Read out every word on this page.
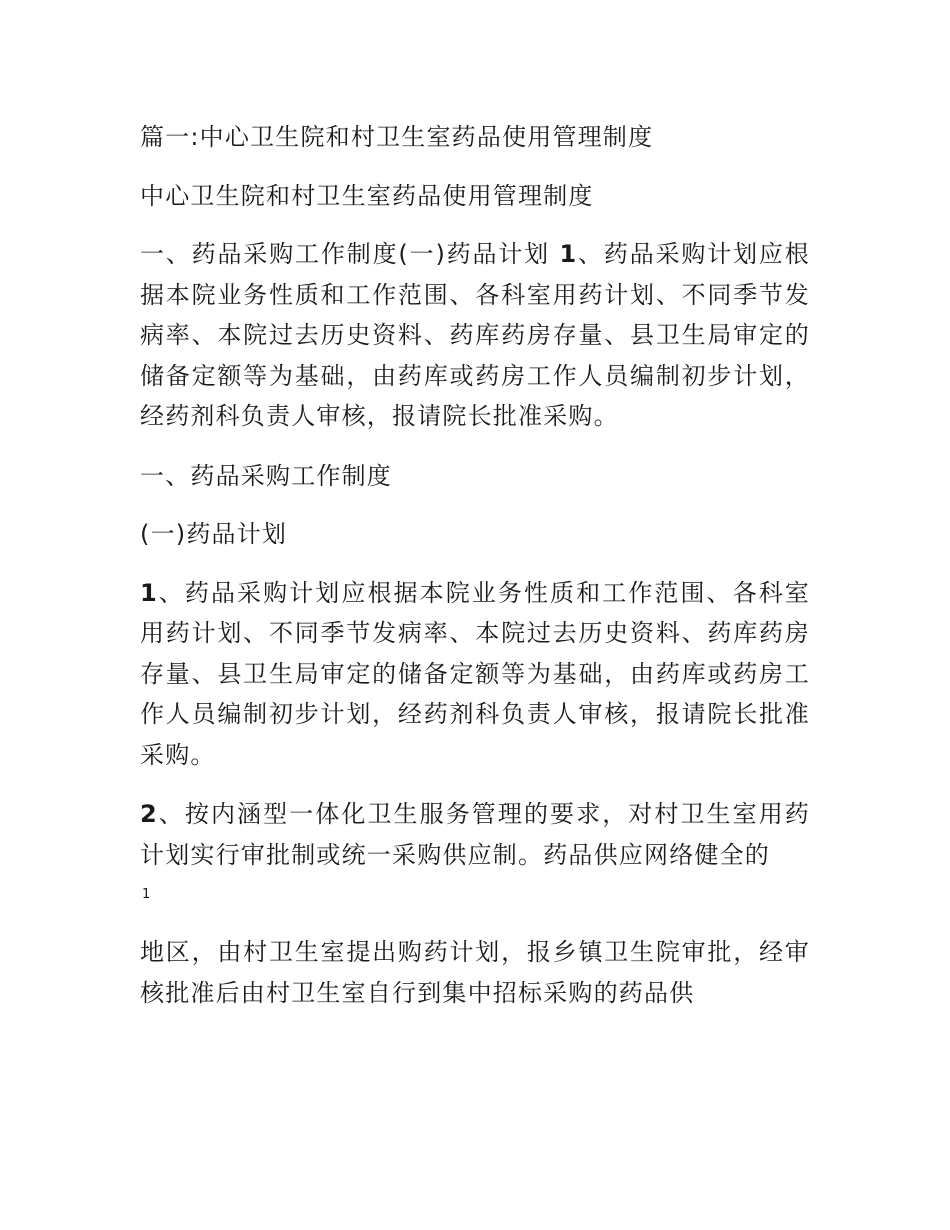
篇一:中心卫生院和村卫生室药品使用管理制度

中心卫生院和村卫生室药品使用管理制度

一、药品采购工作制度(一)药品计划 1、药品采购计划应根据本院业务性质和工作范围、各科室用药计划、不同季节发病率、本院过去历史资料、药库药房存量、县卫生局审定的储备定额等为基础，由药库或药房工作人员编制初步计划，经药剂科负责人审核，报请院长批准采购。

一、药品采购工作制度

(一)药品计划

1、药品采购计划应根据本院业务性质和工作范围、各科室用药计划、不同季节发病率、本院过去历史资料、药库药房存量、县卫生局审定的储备定额等为基础，由药库或药房工作人员编制初步计划，经药剂科负责人审核，报请院长批准采购。

2、按内涵型一体化卫生服务管理的要求，对村卫生室用药计划实行审批制或统一采购供应制。药品供应网络健全的

1

地区，由村卫生室提出购药计划，报乡镇卫生院审批，经审核批准后由村卫生室自行到集中招标采购的药品供
